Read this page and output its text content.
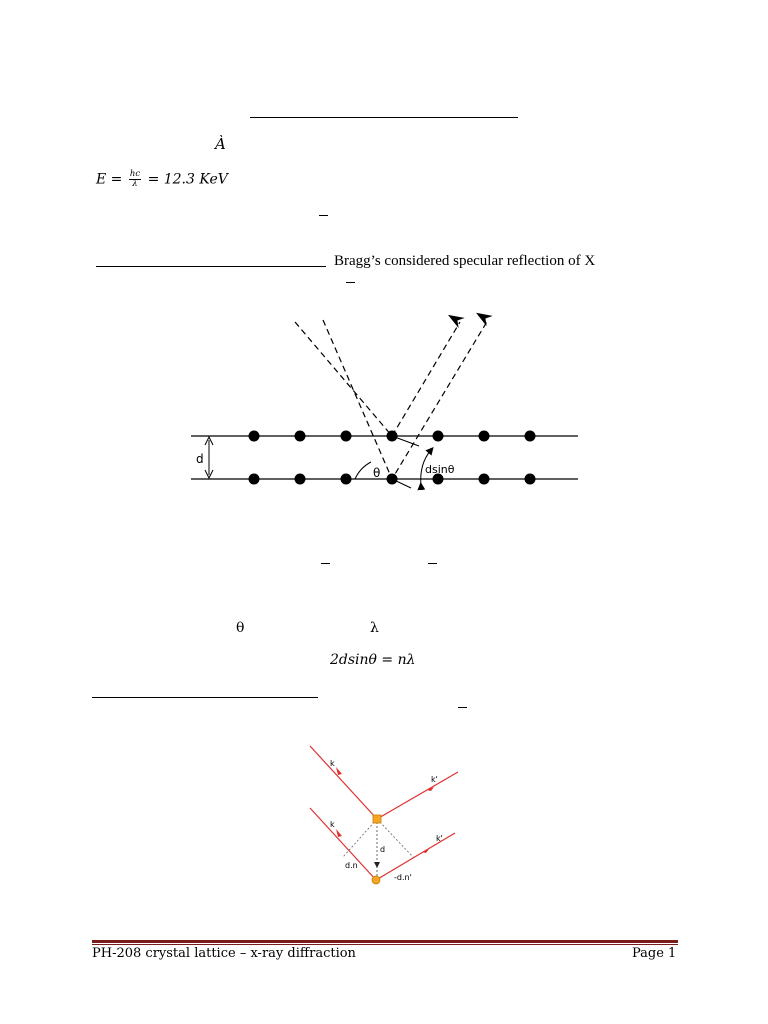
À
$E = \frac{hc}{\lambda} = 12.3$ KeV
Bragg’s considered specular reflection of X
d
θ	dsinθ
θ	λ
2dsinθ = nλ
k
k
k'
k'
d
d.n
-d.n'
PH-208 crystal lattice – x-ray diffraction	Page 1
